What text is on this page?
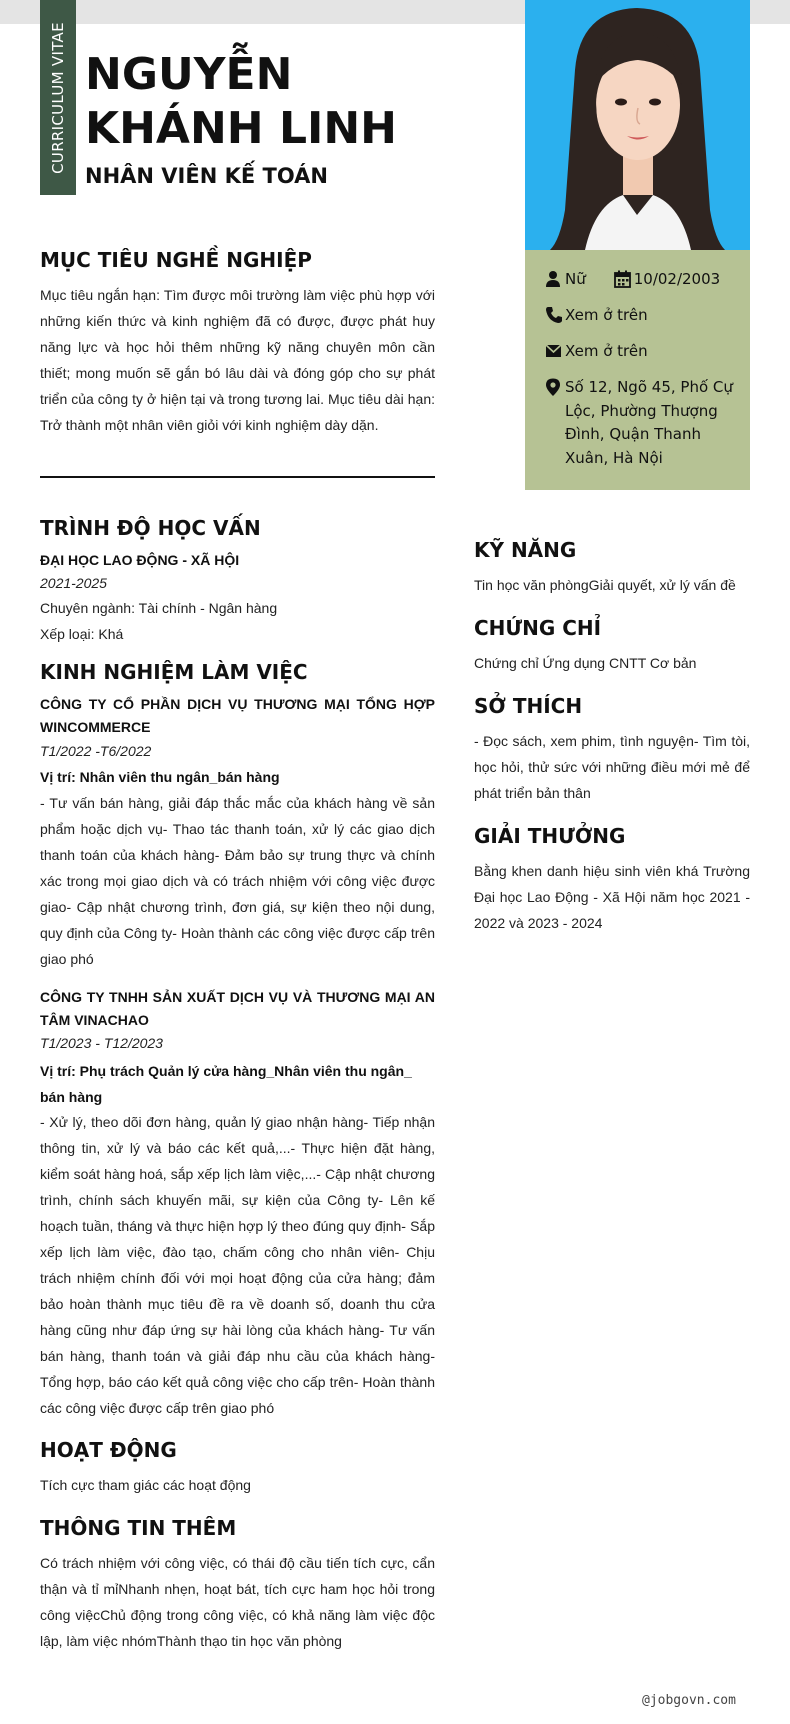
CURRICULUM VITAE NGUYỄN KHÁNH LINH
NHÂN VIÊN KẾ TOÁN
Nữ	10/02/2003
Xem ở trên
Xem ở trên
Số 12, Ngõ 45, Phố Cự Lộc, Phường Thượng Đình, Quận Thanh Xuân, Hà Nội
MỤC TIÊU NGHỀ NGHIỆP
Mục tiêu ngắn hạn: Tìm được môi trường làm việc phù hợp với những kiến thức và kinh nghiệm đã có được, được phát huy năng lực và học hỏi thêm những kỹ năng chuyên môn cần thiết; mong muốn sẽ gắn bó lâu dài và đóng góp cho sự phát triển của công ty ở hiện tại và trong tương lai. Mục tiêu dài hạn: Trở thành một nhân viên giỏi với kinh nghiệm dày dặn.
TRÌNH ĐỘ HỌC VẤN
ĐẠI HỌC LAO ĐỘNG - XÃ HỘI
2021-2025
Chuyên ngành: Tài chính - Ngân hàng
Xếp loại: Khá
KINH NGHIỆM LÀM VIỆC
CÔNG TY CỔ PHẦN DỊCH VỤ THƯƠNG MẠI TỔNG HỢP WINCOMMERCE
T1/2022 -T6/2022
Vị trí: Nhân viên thu ngân_bán hàng
- Tư vấn bán hàng, giải đáp thắc mắc của khách hàng về sản phẩm hoặc dịch vụ- Thao tác thanh toán, xử lý các giao dịch thanh toán của khách hàng- Đảm bảo sự trung thực và chính xác trong mọi giao dịch và có trách nhiệm với công việc được giao- Cập nhật chương trình, đơn giá, sự kiện theo nội dung, quy định của Công ty- Hoàn thành các công việc được cấp trên giao phó
CÔNG TY TNHH SẢN XUẤT DỊCH VỤ VÀ THƯƠNG MẠI AN TÂM VINACHAO
T1/2023 - T12/2023
Vị trí: Phụ trách Quản lý cửa hàng_Nhân viên thu ngân_ bán hàng
- Xử lý, theo dõi đơn hàng, quản lý giao nhận hàng- Tiếp nhận thông tin, xử lý và báo các kết quả,...- Thực hiện đặt hàng, kiểm soát hàng hoá, sắp xếp lịch làm việc,...- Cập nhật chương trình, chính sách khuyến mãi, sự kiện của Công ty- Lên kế hoạch tuần, tháng và thực hiện hợp lý theo đúng quy định- Sắp xếp lịch làm việc, đào tạo, chấm công cho nhân viên- Chịu trách nhiệm chính đối với mọi hoạt động của cửa hàng; đảm bảo hoàn thành mục tiêu đề ra về doanh số, doanh thu cửa hàng cũng như đáp ứng sự hài lòng của khách hàng- Tư vấn bán hàng, thanh toán và giải đáp nhu cầu của khách hàng- Tổng hợp, báo cáo kết quả công việc cho cấp trên- Hoàn thành các công việc được cấp trên giao phó
HOẠT ĐỘNG
Tích cực tham giác các hoạt động
THÔNG TIN THÊM
Có trách nhiệm với công việc, có thái độ cầu tiến tích cực, cẩn thận và tỉ mỉNhanh nhẹn, hoạt bát, tích cực ham học hỏi trong công việcChủ động trong công việc, có khả năng làm việc độc lập, làm việc nhómThành thạo tin học văn phòng
KỸ NĂNG
Tin học văn phòngGiải quyết, xử lý vấn đề
CHỨNG CHỈ
Chứng chỉ Ứng dụng CNTT Cơ bản
SỞ THÍCH
- Đọc sách, xem phim, tình nguyện- Tìm tòi, học hỏi, thử sức với những điều mới mẻ để phát triển bản thân
GIẢI THƯỞNG
Bằng khen danh hiệu sinh viên khá Trường Đại học Lao Động - Xã Hội năm học 2021 - 2022 và 2023 - 2024
@jobgovn.com
